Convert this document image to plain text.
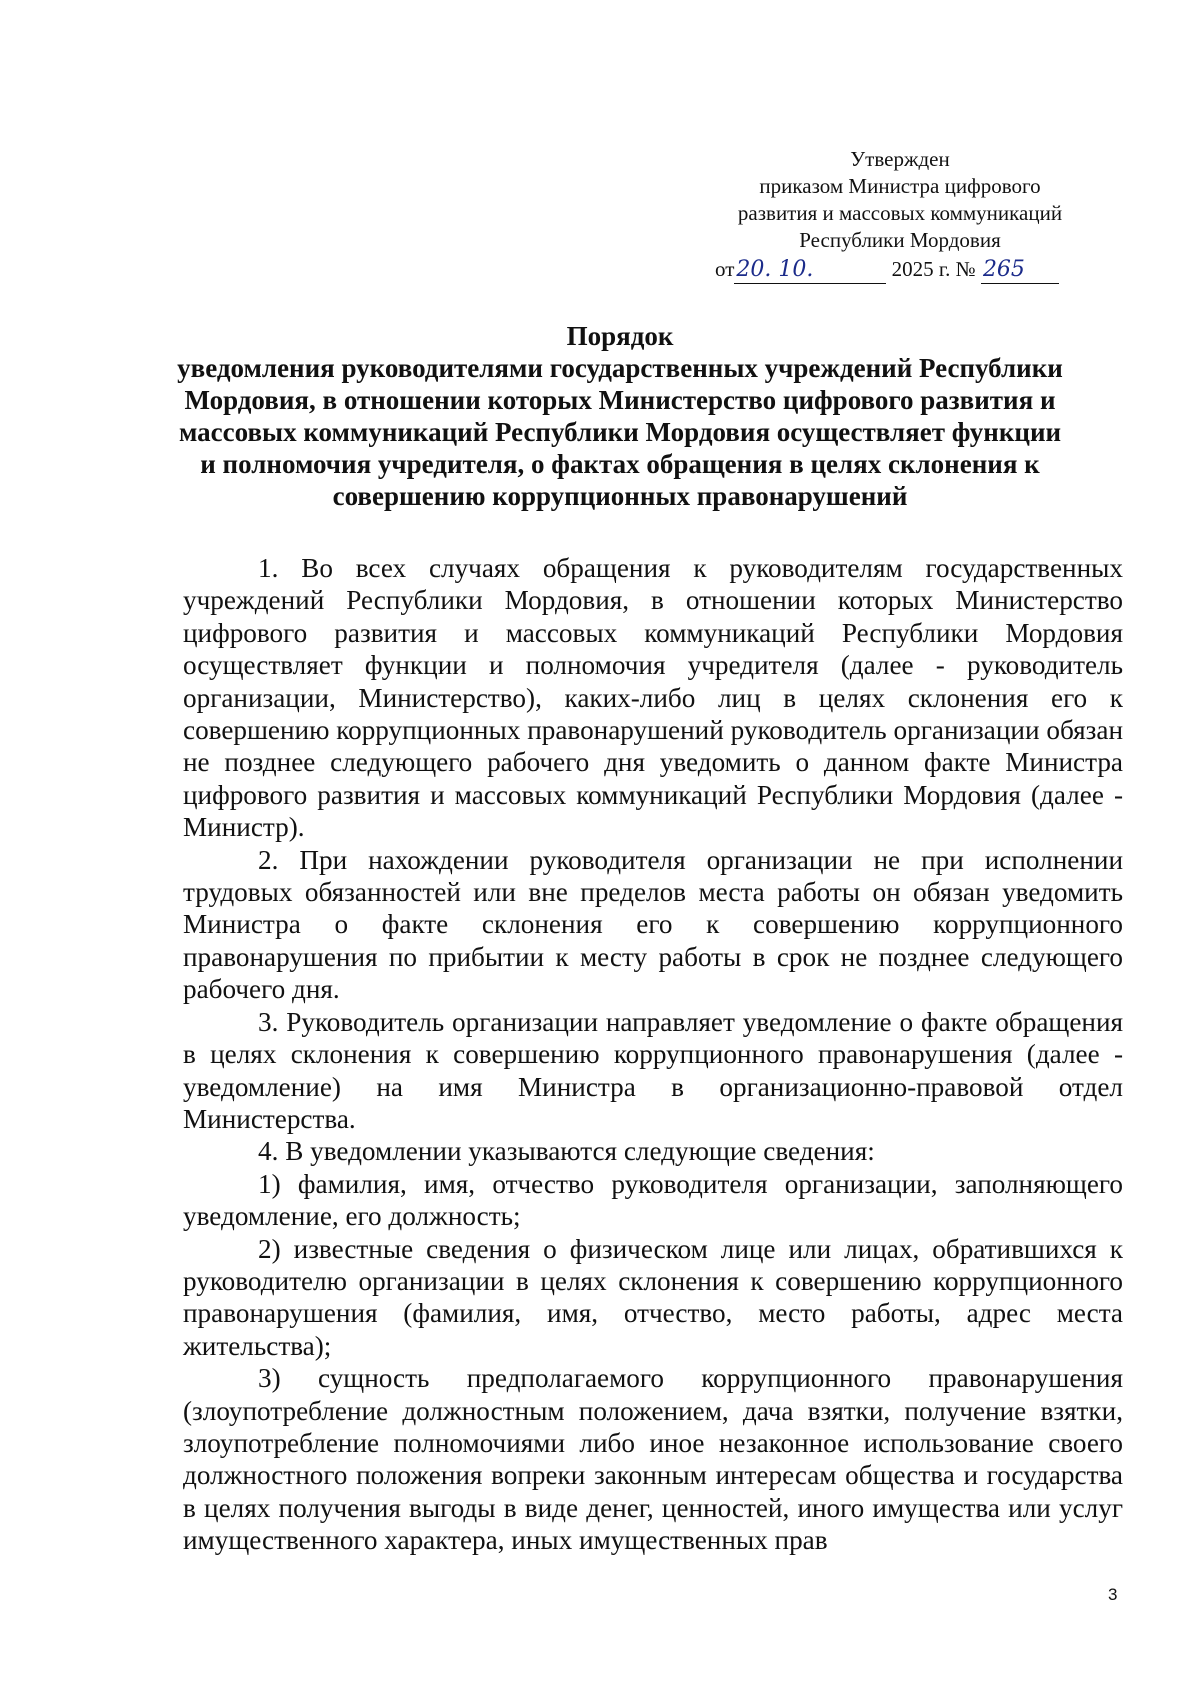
Утвержден
приказом Министра цифрового
развития и массовых коммуникаций
Республики Мордовия
от20. 10.	2025 г. № 265
Порядок
уведомления руководителями государственных учреждений Республики
Мордовия, в отношении которых Министерство цифрового развития и
массовых коммуникаций Республики Мордовия осуществляет функции
и полномочия учредителя, о фактах обращения в целях склонения к
совершению коррупционных правонарушений

1. Во всех случаях обращения к руководителям государственных учреждений Республики Мордовия, в отношении которых Министерство цифрового развития и массовых коммуникаций Республики Мордовия осуществляет функции и полномочия учредителя (далее - руководитель организации, Министерство), каких-либо лиц в целях склонения его к совершению коррупционных правонарушений руководитель организации обязан не позднее следующего рабочего дня уведомить о данном факте Министра цифрового развития и массовых коммуникаций Республики Мордовия (далее - Министр).

2. При нахождении руководителя организации не при исполнении трудовых обязанностей или вне пределов места работы он обязан уведомить Министра о факте склонения его к совершению коррупционного правонарушения по прибытии к месту работы в срок не позднее следующего рабочего дня.

3. Руководитель организации направляет уведомление о факте обращения в целях склонения к совершению коррупционного правонарушения (далее - уведомление) на имя Министра в организационно-правовой отдел Министерства.

4. В уведомлении указываются следующие сведения:

1) фамилия, имя, отчество руководителя организации, заполняющего уведомление, его должность;

2) известные сведения о физическом лице или лицах, обратившихся к руководителю организации в целях склонения к совершению коррупционного правонарушения (фамилия, имя, отчество, место работы, адрес места жительства);

3) сущность предполагаемого коррупционного правонарушения (злоупотребление должностным положением, дача взятки, получение взятки, злоупотребление полномочиями либо иное незаконное использование своего должностного положения вопреки законным интересам общества и государства в целях получения выгоды в виде денег, ценностей, иного имущества или услуг имущественного характера, иных имущественных прав

3
